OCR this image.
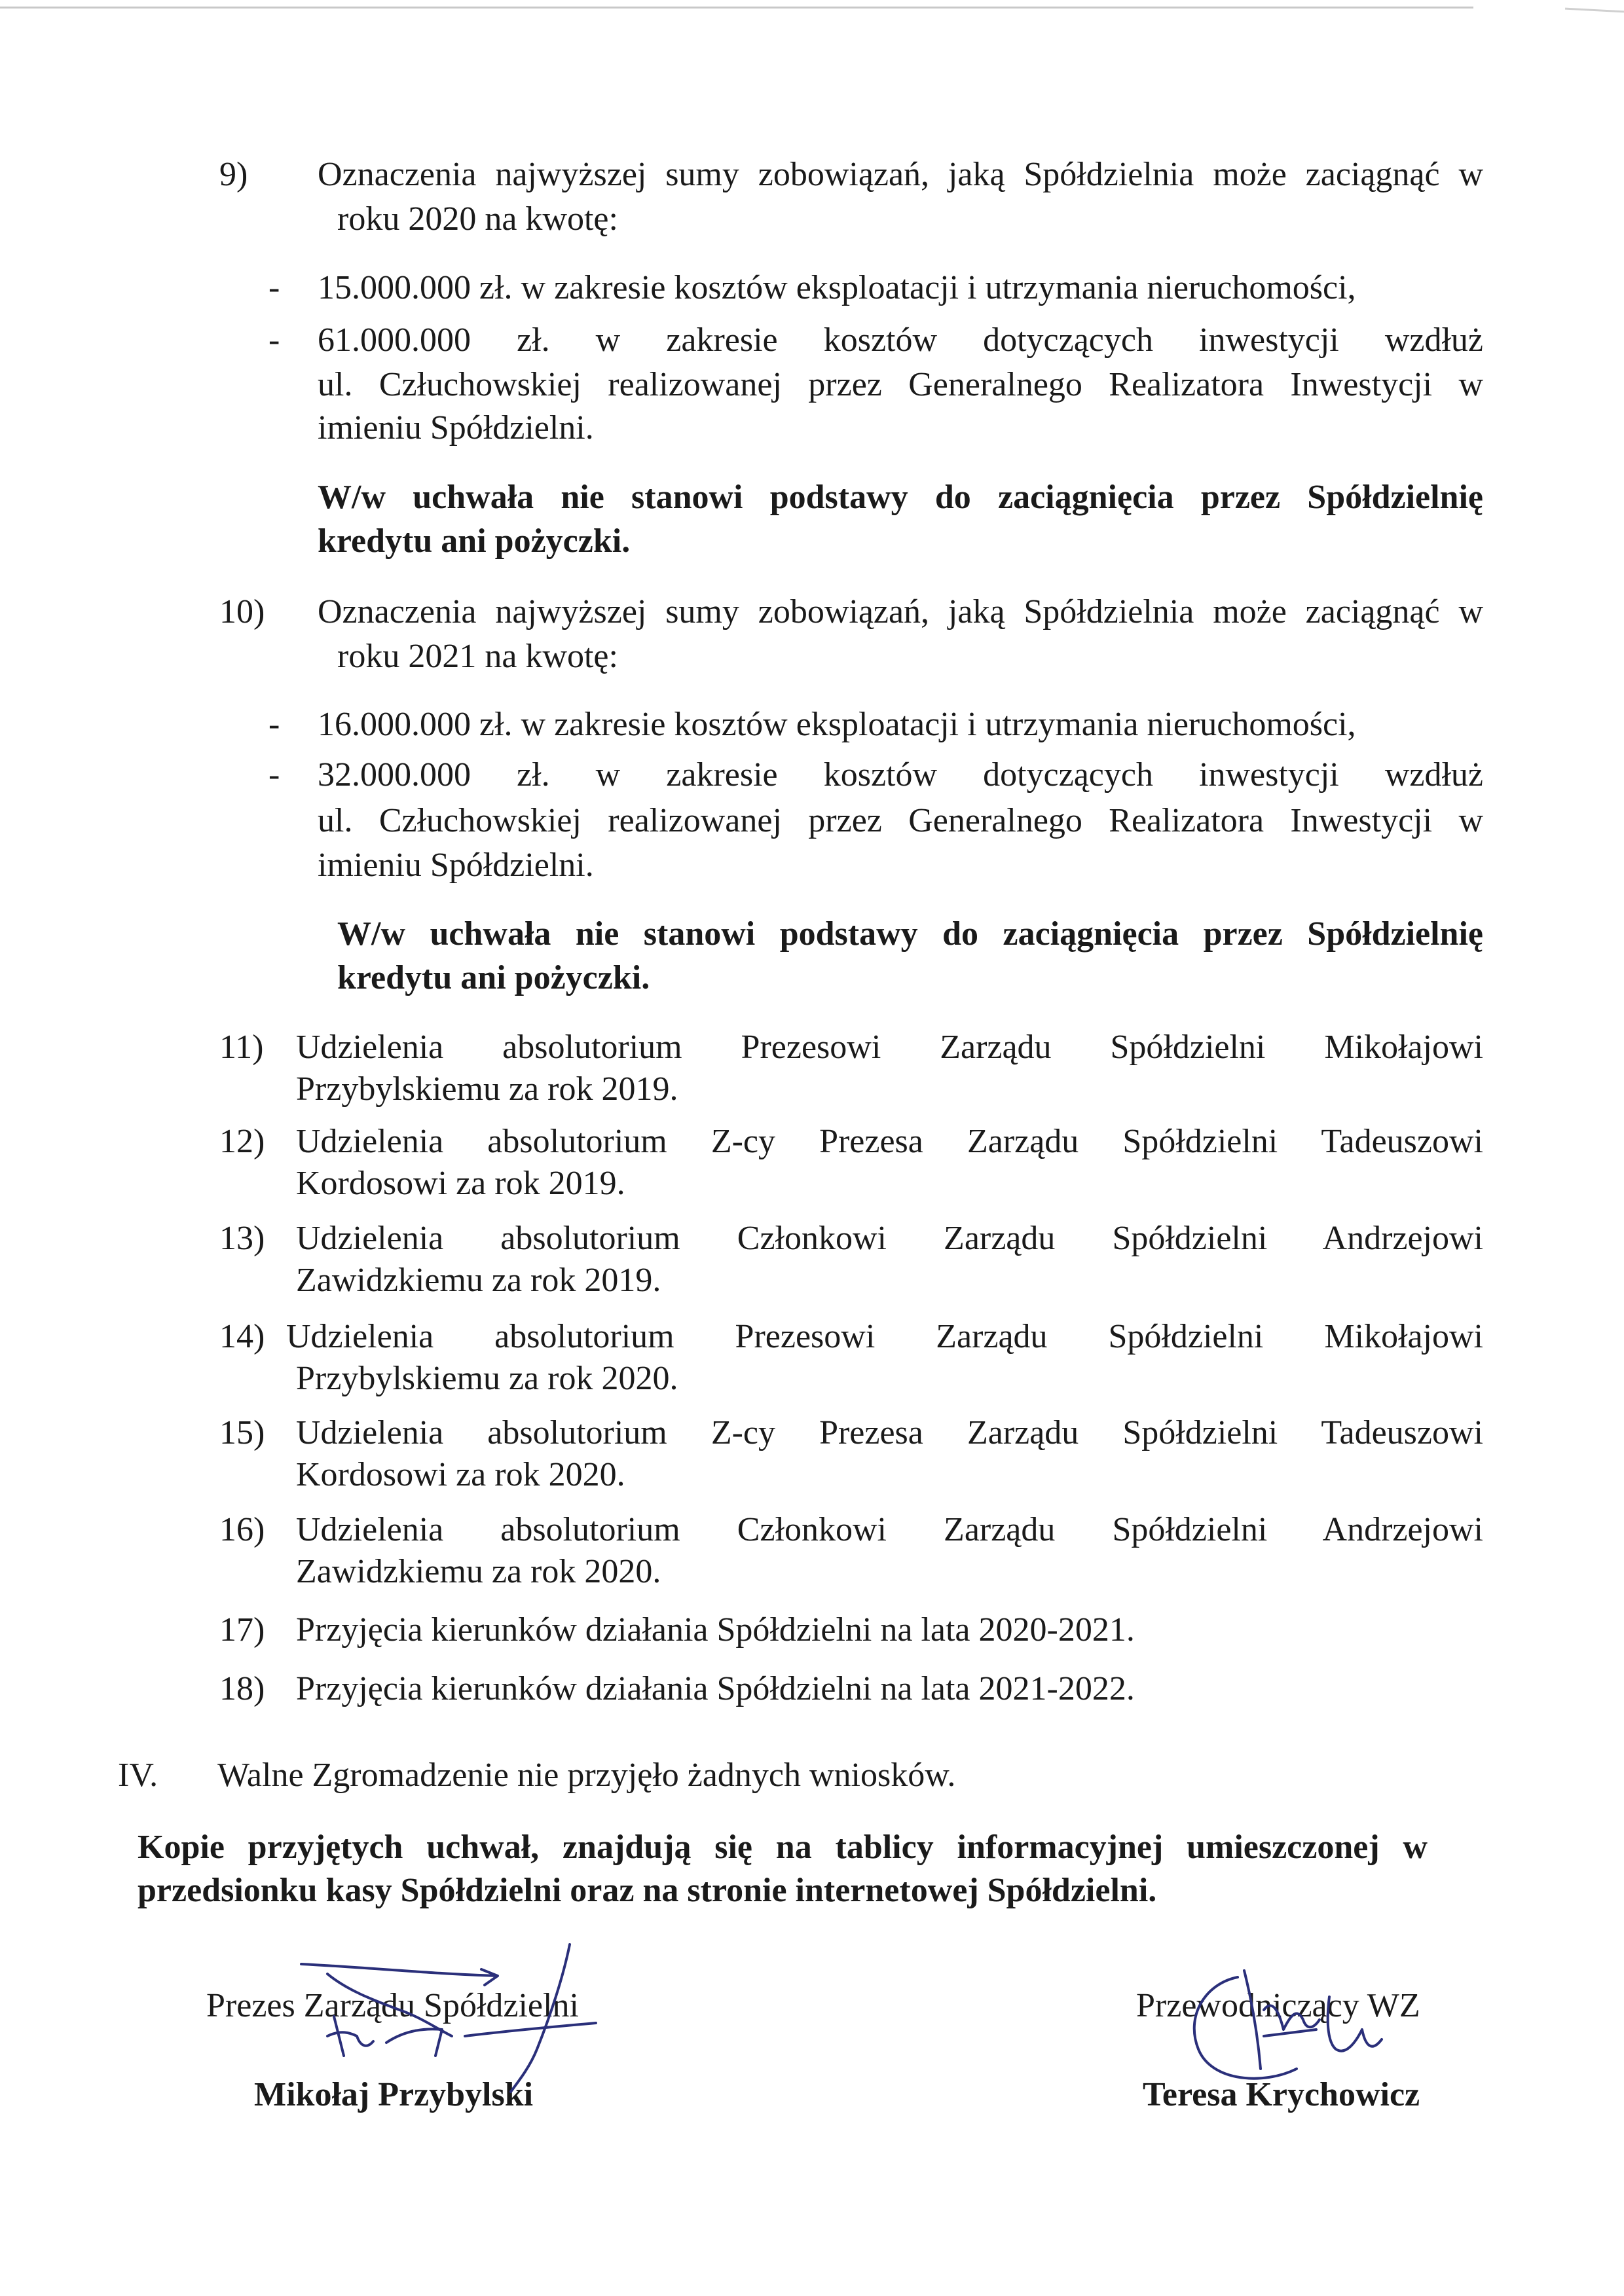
9) Oznaczenia najwyższej sumy zobowiązań, jaką Spółdzielnia może zaciągnąć w
roku 2020 na kwotę:
- 15.000.000 zł. w zakresie kosztów eksploatacji i utrzymania nieruchomości,
- 61.000.000 zł. w zakresie kosztów dotyczących inwestycji wzdłuż
ul. Człuchowskiej realizowanej przez Generalnego Realizatora Inwestycji w
imieniu Spółdzielni.
W/w uchwała nie stanowi podstawy do zaciągnięcia przez Spółdzielnię
kredytu ani pożyczki.
10) Oznaczenia najwyższej sumy zobowiązań, jaką Spółdzielnia może zaciągnąć w
roku 2021 na kwotę:
- 16.000.000 zł. w zakresie kosztów eksploatacji i utrzymania nieruchomości,
- 32.000.000 zł. w zakresie kosztów dotyczących inwestycji wzdłuż
ul. Człuchowskiej realizowanej przez Generalnego Realizatora Inwestycji w
imieniu Spółdzielni.
W/w uchwała nie stanowi podstawy do zaciągnięcia przez Spółdzielnię
kredytu ani pożyczki.
11) Udzielenia absolutorium Prezesowi Zarządu Spółdzielni Mikołajowi
Przybylskiemu za rok 2019.
12) Udzielenia absolutorium Z-cy Prezesa Zarządu Spółdzielni Tadeuszowi
Kordosowi za rok 2019.
13) Udzielenia absolutorium Członkowi Zarządu Spółdzielni Andrzejowi
Zawidzkiemu za rok 2019.
14) Udzielenia absolutorium Prezesowi Zarządu Spółdzielni Mikołajowi
Przybylskiemu za rok 2020.
15) Udzielenia absolutorium Z-cy Prezesa Zarządu Spółdzielni Tadeuszowi
Kordosowi za rok 2020.
16) Udzielenia absolutorium Członkowi Zarządu Spółdzielni Andrzejowi
Zawidzkiemu za rok 2020.
17) Przyjęcia kierunków działania Spółdzielni na lata 2020-2021.
18) Przyjęcia kierunków działania Spółdzielni na lata 2021-2022.
IV. Walne Zgromadzenie nie przyjęło żadnych wniosków.
Kopie przyjętych uchwał, znajdują się na tablicy informacyjnej umieszczonej w
przedsionku kasy Spółdzielni oraz na stronie internetowej Spółdzielni.
Prezes Zarządu Spółdzielni
Mikołaj Przybylski
Przewodniczący WZ
Teresa Krychowicz
